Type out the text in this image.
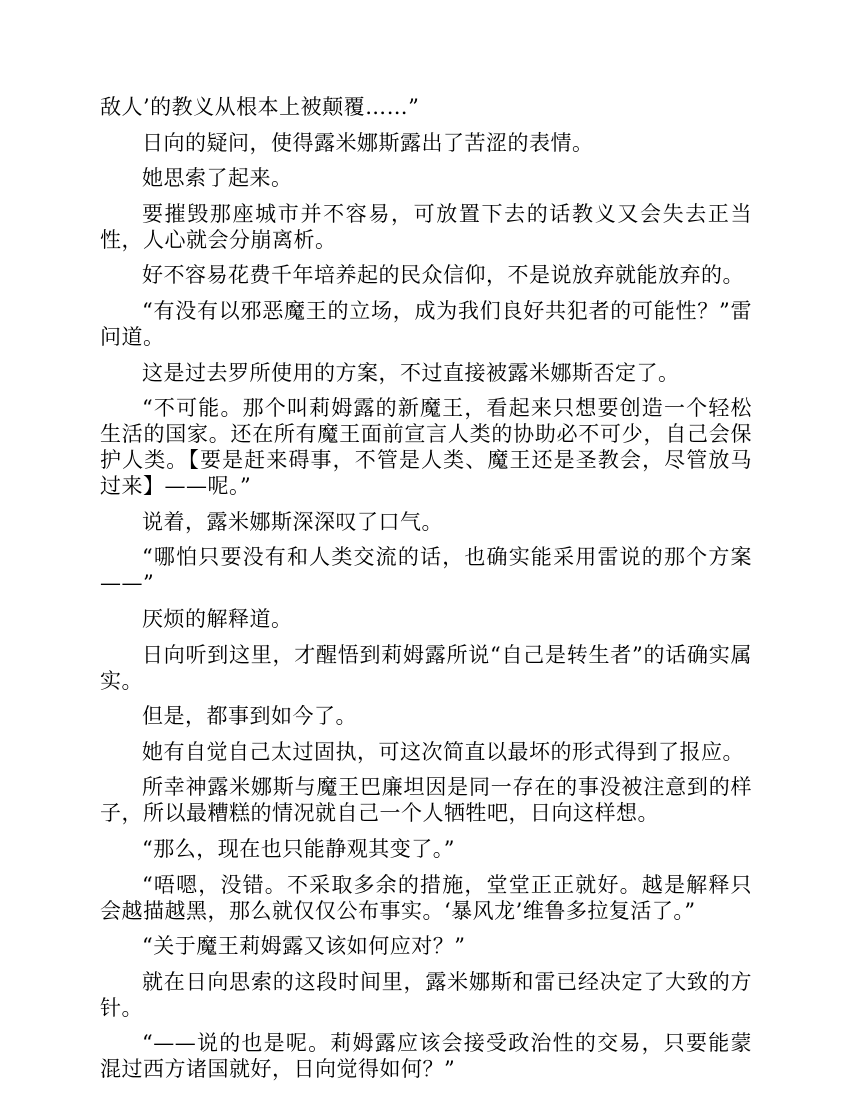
敌人’的教义从根本上被颠覆……”

日向的疑问，使得露米娜斯露出了苦涩的表情。

她思索了起来。

要摧毁那座城市并不容易，可放置下去的话教义又会失去正当性，人心就会分崩离析。

好不容易花费千年培养起的民众信仰，不是说放弃就能放弃的。

“有没有以邪恶魔王的立场，成为我们良好共犯者的可能性？”雷问道。

这是过去罗所使用的方案，不过直接被露米娜斯否定了。

“不可能。那个叫莉姆露的新魔王，看起来只想要创造一个轻松生活的国家。还在所有魔王面前宣言人类的协助必不可少，自己会保护人类。【要是赶来碍事，不管是人类、魔王还是圣教会，尽管放马过来】——呢。”

说着，露米娜斯深深叹了口气。

“哪怕只要没有和人类交流的话，也确实能采用雷说的那个方案——”

厌烦的解释道。

日向听到这里，才醒悟到莉姆露所说“自己是转生者”的话确实属实。

但是，都事到如今了。

她有自觉自己太过固执，可这次简直以最坏的形式得到了报应。

所幸神露米娜斯与魔王巴廉坦因是同一存在的事没被注意到的样子，所以最糟糕的情况就自己一个人牺牲吧，日向这样想。

“那么，现在也只能静观其变了。”

“唔嗯，没错。不采取多余的措施，堂堂正正就好。越是解释只会越描越黑，那么就仅仅公布事实。‘暴风龙’维鲁多拉复活了。”

“关于魔王莉姆露又该如何应对？”

就在日向思索的这段时间里，露米娜斯和雷已经决定了大致的方针。

“——说的也是呢。莉姆露应该会接受政治性的交易，只要能蒙混过西方诸国就好，日向觉得如何？”
